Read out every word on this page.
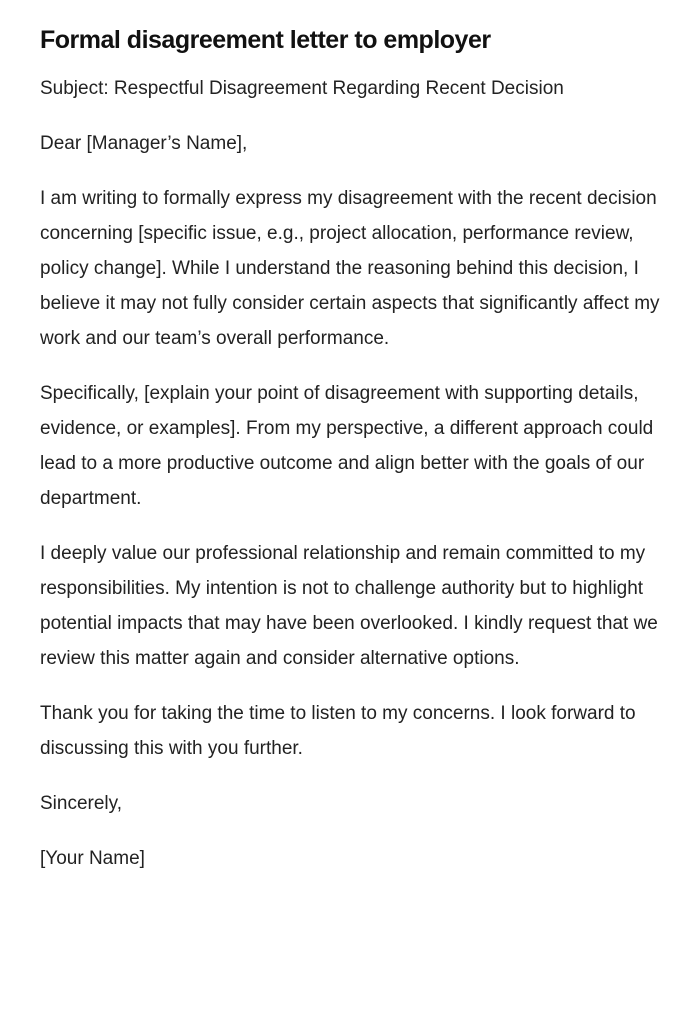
Formal disagreement letter to employer

Subject: Respectful Disagreement Regarding Recent Decision

Dear [Manager’s Name],

I am writing to formally express my disagreement with the recent decision concerning [specific issue, e.g., project allocation, performance review, policy change]. While I understand the reasoning behind this decision, I believe it may not fully consider certain aspects that significantly affect my work and our team’s overall performance.

Specifically, [explain your point of disagreement with supporting details, evidence, or examples]. From my perspective, a different approach could lead to a more productive outcome and align better with the goals of our department.

I deeply value our professional relationship and remain committed to my responsibilities. My intention is not to challenge authority but to highlight potential impacts that may have been overlooked. I kindly request that we review this matter again and consider alternative options.

Thank you for taking the time to listen to my concerns. I look forward to discussing this with you further.

Sincerely,

[Your Name]
